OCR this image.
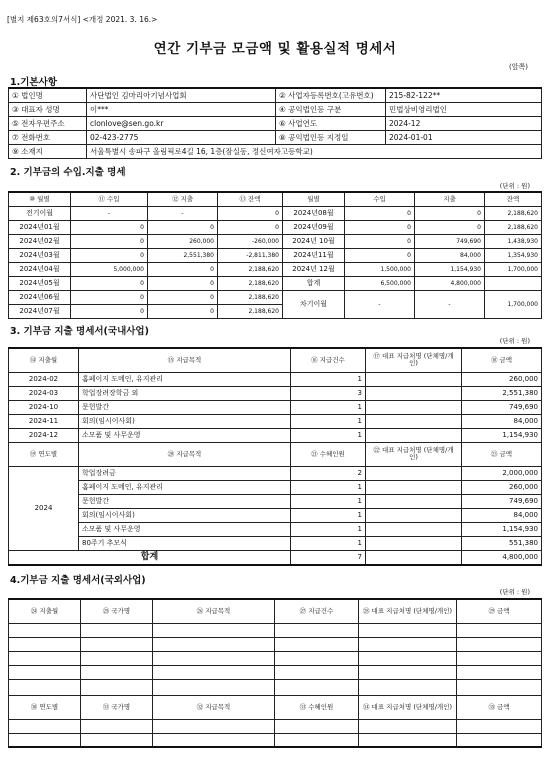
[별지 제63호의7서식] <개정 2021. 3. 16.>
연간 기부금 모금액 및 활용실적 명세서
(앞쪽)
1.기본사항
① 법인명	사단법인 김마리아기념사업회	② 사업자등록번호(고유번호)	215-82-122**
③ 대표자 성명	이***	④ 공익법인등 구분	민법상비영리법인
⑤ 전자우편주소	clonlove@sen.go.kr	⑥ 사업연도	2024-12
⑦ 전화번호	02-423-2775	⑧ 공익법인등 지정일	2024-01-01
⑨ 소재지	서울특별시 송파구 올림픽로4길 16, 1층(잠실동, 정신여자고등학교)		
2. 기부금의 수입.지출 명세
(단위 : 원)
⑩ 월별	⑪ 수입	⑫ 지출	⑬ 잔액	월별	수입	지출	잔액
전기이월	-	-	0	2024년08월	0	0	2,188,620
2024년01월	0	0	0	2024년09월	0	0	2,188,620
2024년02월	0	260,000	-260,000	2024년 10월	0	749,690	1,438,930
2024년03월	0	2,551,380	-2,811,380	2024년11월	0	84,000	1,354,930
2024년04월	5,000,000	0	2,188,620	2024년 12월	1,500,000	1,154,930	1,700,000
2024년05월	0	0	2,188,620	합계	6,500,000	4,800,000	
2024년06월	0	0	2,188,620	차기이월	-	-	1,700,000
2024년07월	0	0	2,188,620				
3. 기부금 지출 명세서(국내사업)
(단위 : 원)
⑭ 지출월	⑮ 지급목적	⑯ 지급건수	⑰ 대표 지급처명 (단체명/개인)	⑱ 금액
2024-02	홈페이지 도메인, 유지관리	1		260,000
2024-03	학업장려장학금 외	3		2,551,380
2024-10	문헌발간	1		749,690
2024-11	회의(임시이사회)	1		84,000
2024-12	소모품 및 사무운영	1		1,154,930
⑲ 연도별	⑳ 지급목적	㉑ 수혜인원	㉒ 대표 지급처명 (단체명/개인)	㉓ 금액
2024	학업장려금	2		2,000,000
	홈페이지 도메인, 유지관리	1		260,000
	문헌발간	1		749,690
	회의(임시이사회)	1		84,000
	소모품 및 사무운영	1		1,154,930
	80주기 추모식	1		551,380
합계		7		4,800,000
4.기부금 지출 명세서(국외사업)
(단위 : 원)
㉔ 지출월	㉕ 국가명	㉖ 지급목적	㉗ 지급건수	㉘ 대표 지급처명 (단체명/개인)	㉙ 금액

㉚ 연도별	㉛ 국가명	㉜ 지급목적	㉝ 수혜인원	㉞ 대표 지급처명 (단체명/개인)	㉟ 금액
